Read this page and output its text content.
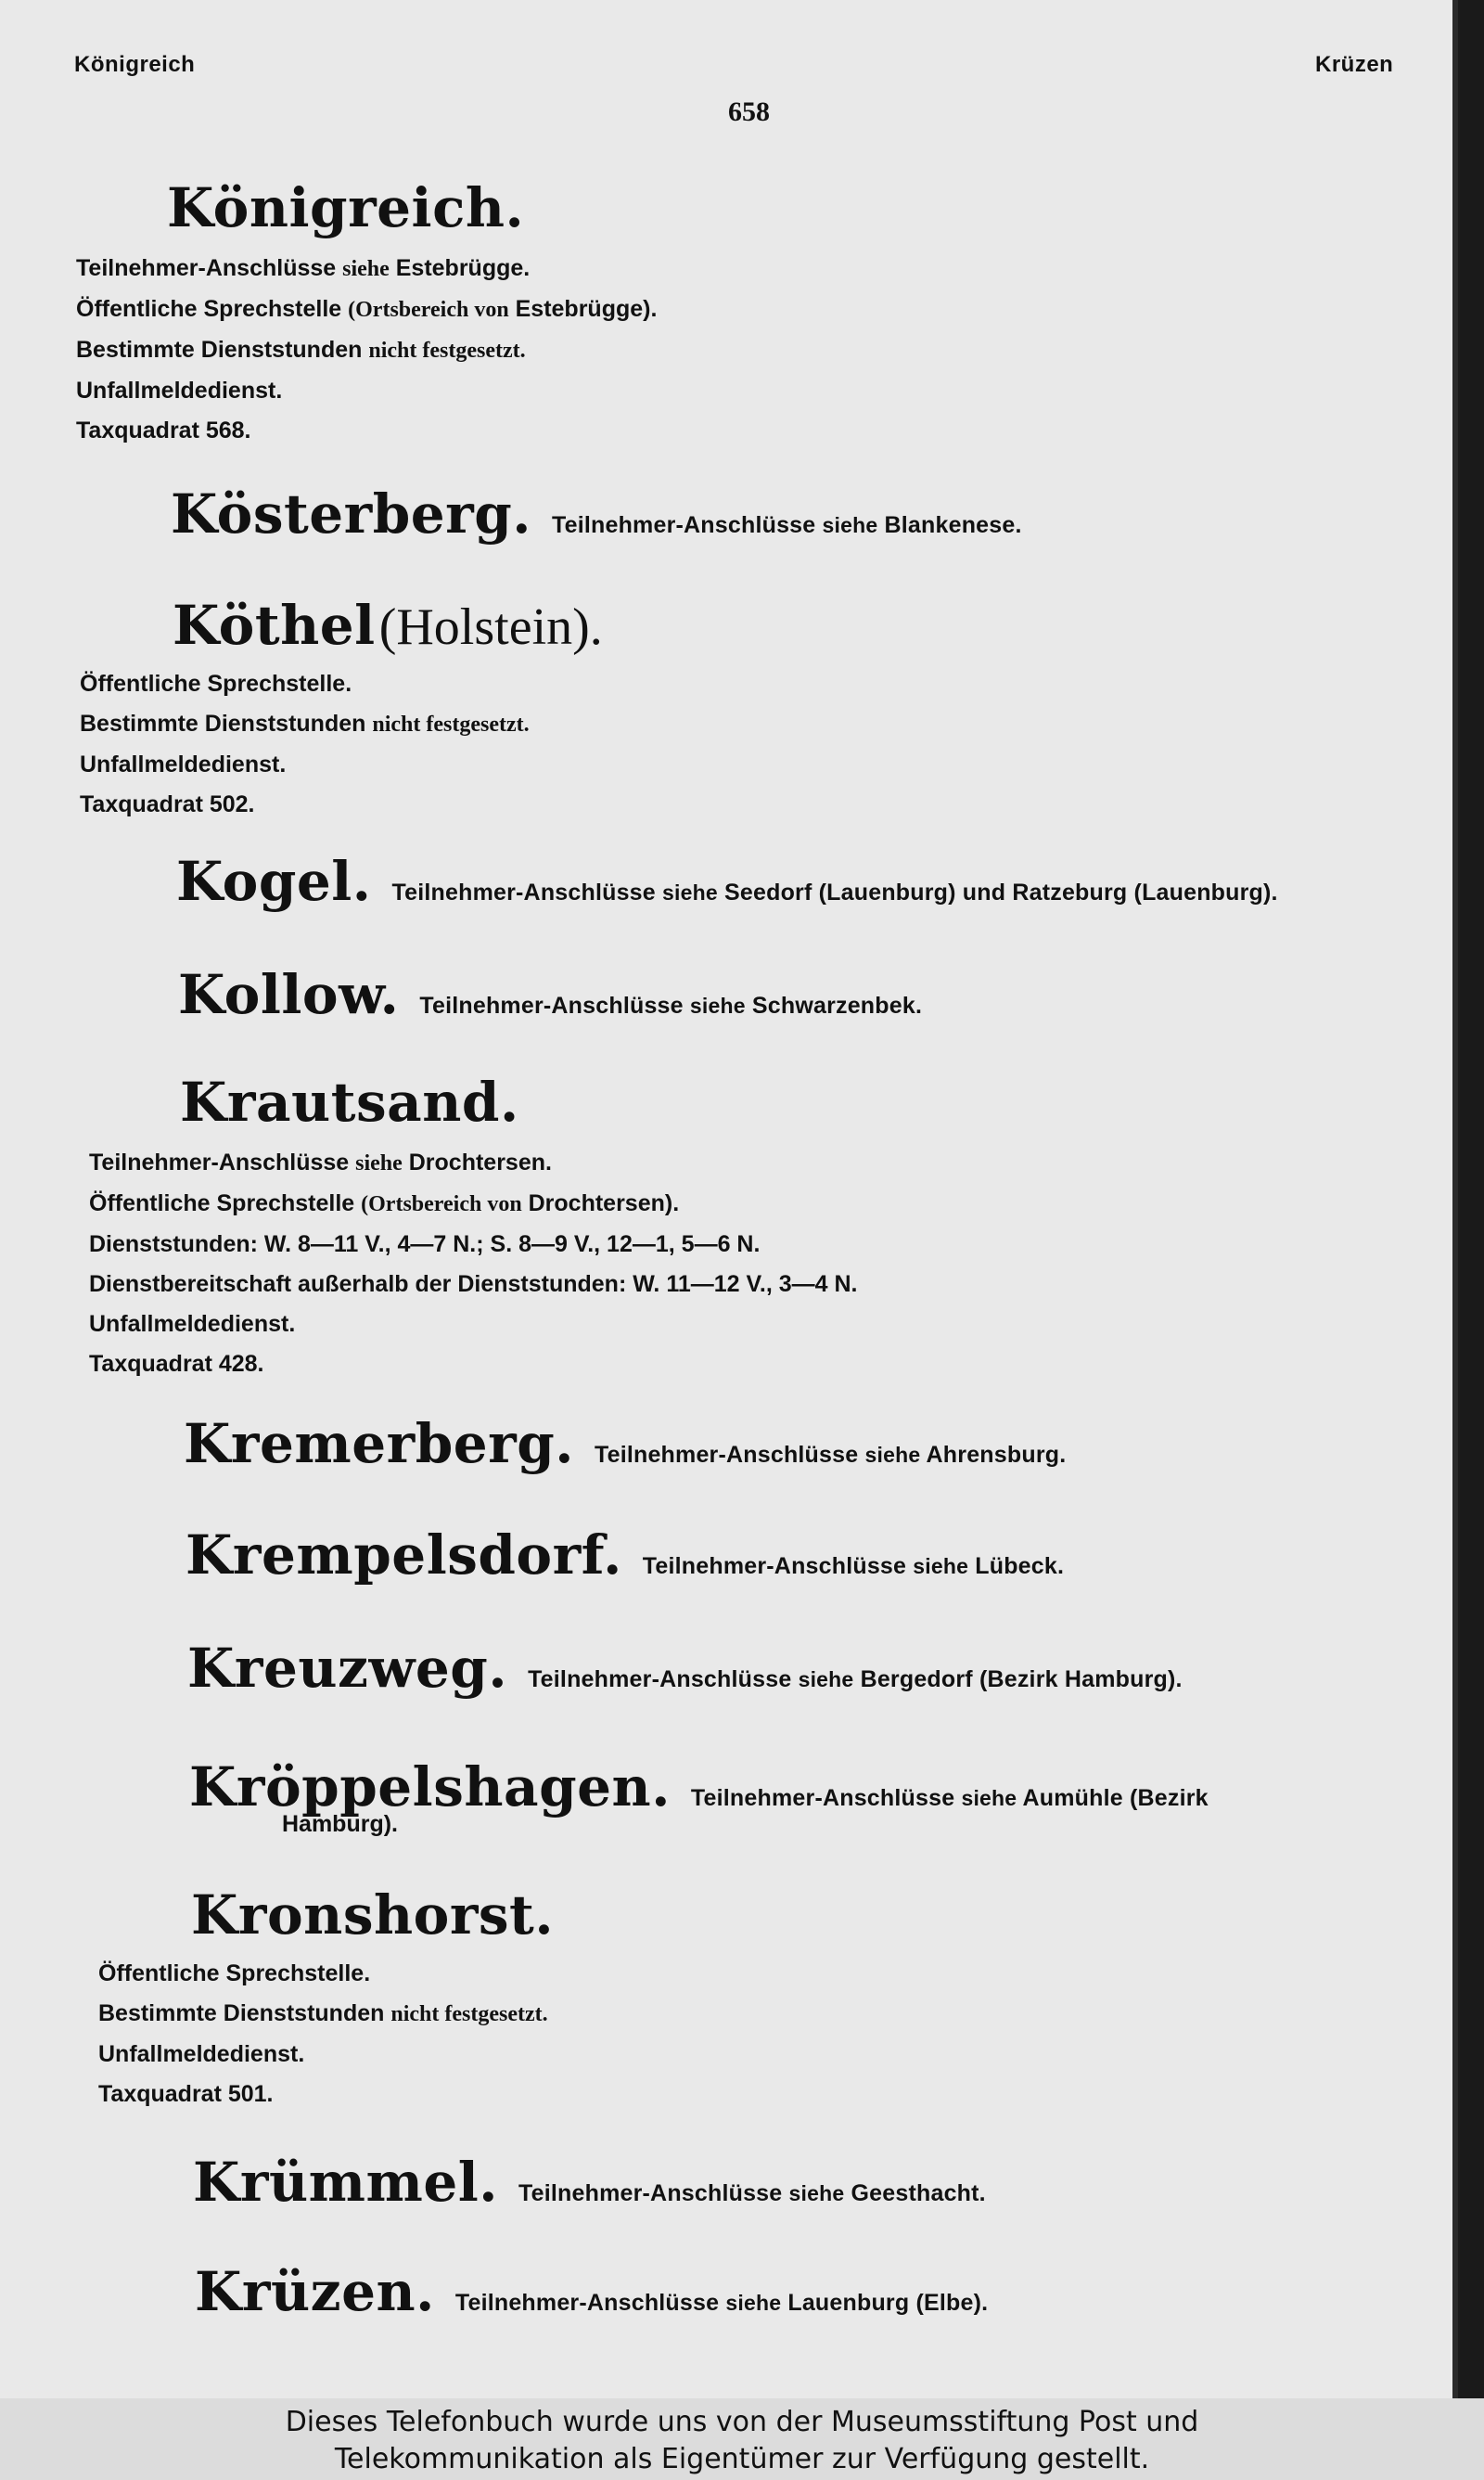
Königreich	Krüzen
658
Königreich.
Teilnehmer-Anschlüsse siehe Estebrügge.
Öffentliche Sprechstelle (Ortsbereich von Estebrügge).
Bestimmte Dienststunden nicht festgesetzt.
Unfallmeldedienst.
Taxquadrat 568.
Kösterberg. Teilnehmer-Anschlüsse siehe Blankenese.
Köthel (Holstein).
Öffentliche Sprechstelle.
Bestimmte Dienststunden nicht festgesetzt.
Unfallmeldedienst.
Taxquadrat 502.
Kogel. Teilnehmer-Anschlüsse siehe Seedorf (Lauenburg) und Ratzeburg (Lauenburg).
Kollow. Teilnehmer-Anschlüsse siehe Schwarzenbek.
Krautsand.
Teilnehmer-Anschlüsse siehe Drochtersen.
Öffentliche Sprechstelle (Ortsbereich von Drochtersen).
Dienststunden: W. 8—11 V., 4—7 N.; S. 8—9 V., 12—1, 5—6 N.
Dienstbereitschaft außerhalb der Dienststunden: W. 11—12 V., 3—4 N.
Unfallmeldedienst.
Taxquadrat 428.
Kremerberg. Teilnehmer-Anschlüsse siehe Ahrensburg.
Krempelsdorf. Teilnehmer-Anschlüsse siehe Lübeck.
Kreuzweg. Teilnehmer-Anschlüsse siehe Bergedorf (Bezirk Hamburg).
Kröppelshagen. Teilnehmer-Anschlüsse siehe Aumühle (Bezirk
Hamburg).
Kronshorst.
Öffentliche Sprechstelle.
Bestimmte Dienststunden nicht festgesetzt.
Unfallmeldedienst.
Taxquadrat 501.
Krümmel. Teilnehmer-Anschlüsse siehe Geesthacht.
Krüzen. Teilnehmer-Anschlüsse siehe Lauenburg (Elbe).
Dieses Telefonbuch wurde uns von der Museumsstiftung Post und
Telekommunikation als Eigentümer zur Verfügung gestellt.
